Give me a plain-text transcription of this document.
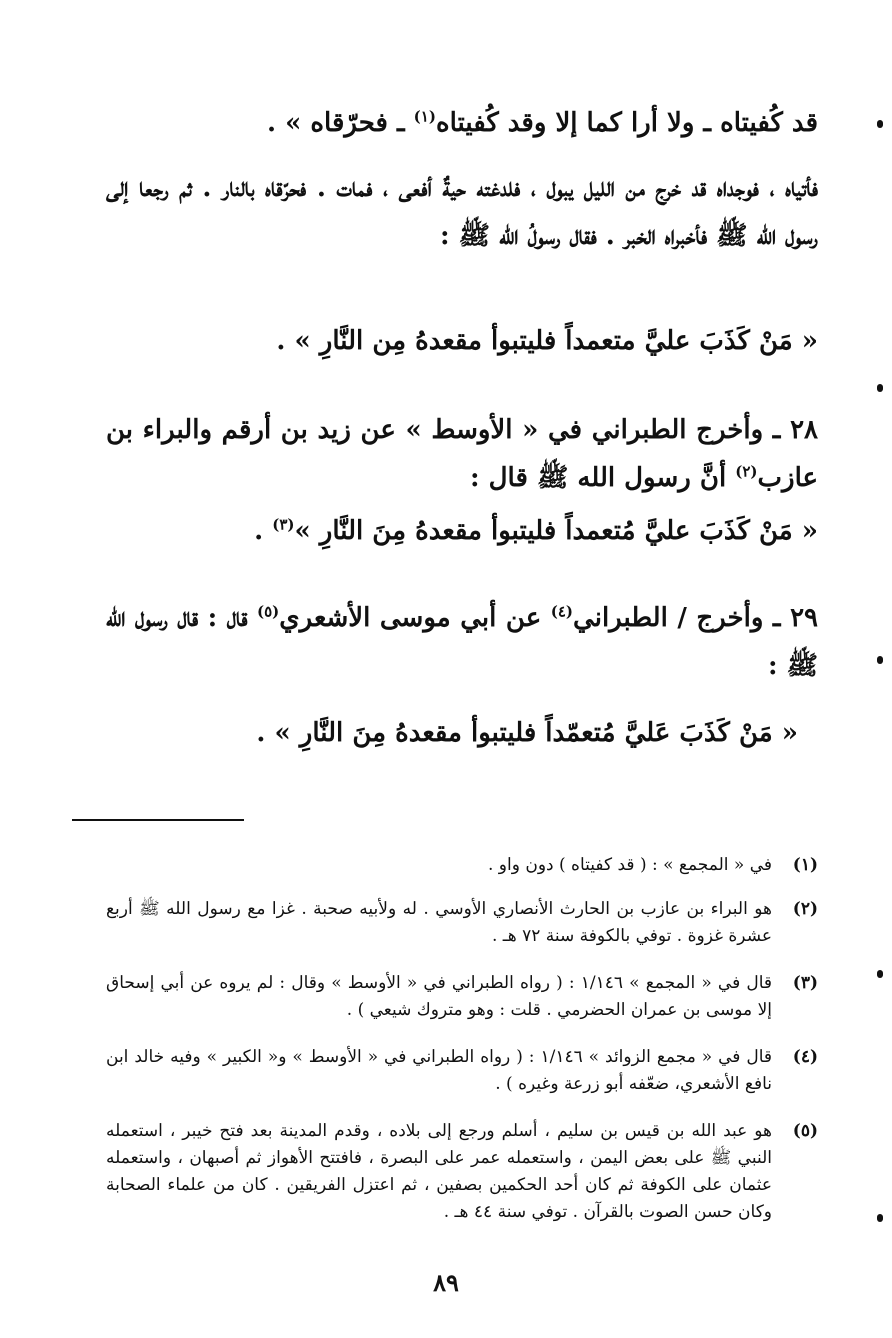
قد كُفيتاه ـ ولا أرا كما إلا وقد كُفيتاه$^{(١)}$ ـ فحرّقاه » .
فأتياه ، فوجداه قد خرج من الليل يبول ، فلدغته حيةٌ أفعى ، فمات . فحرّقاه بالنار . ثم رجعا إلى رسول الله ﷺ فأخبراه الخبر . فقال رسولُ الله ﷺ :
« مَنْ كَذَبَ عليَّ متعمداً فليتبوأ مقعدهُ مِن النَّارِ » .
٢٨ ـ وأخرج الطبراني في « الأوسط » عن زيد بن أرقم والبراء بن عازب$^{(٢)}$ أنَّ رسول الله ﷺ قال :
« مَنْ كَذَبَ عليَّ مُتعمداً فليتبوأ مقعدهُ مِنَ النَّارِ »$^{(٣)}$ .
٢٩ ـ وأخرج / الطبراني$^{(٤)}$ عن أبي موسى الأشعري$^{(٥)}$ قال : قال رسول الله ﷺ :
« مَنْ كَذَبَ عَليَّ مُتعمّداً فليتبوأ مقعدهُ مِنَ النَّارِ » .
(١)
في « المجمع » : ( قد كفيتاه ) دون واو .
(٢)
هو البراء بن عازب بن الحارث الأنصاري الأوسي . له ولأبيه صحبة . غزا مع رسول الله ﷺ أربع عشرة غزوة . توفي بالكوفة سنة ٧٢ هـ .
(٣)
قال في « المجمع » ١/١٤٦ : ( رواه الطبراني في « الأوسط » وقال : لم يروه عن أبي إسحاق إلا موسى بن عمران الحضرمي . قلت : وهو متروك شيعي ) .
(٤)
قال في « مجمع الزوائد » ١/١٤٦ : ( رواه الطبراني في « الأوسط » و« الكبير » وفيه خالد ابن نافع الأشعري، ضعّفه أبو زرعة وغيره ) .
(٥)
هو عبد الله بن قيس بن سليم ، أسلم ورجع إلى بلاده ، وقدم المدينة بعد فتح خيبر ، استعمله النبي ﷺ على بعض اليمن ، واستعمله عمر على البصرة ، فافتتح الأهواز ثم أصبهان ، واستعمله عثمان على الكوفة ثم كان أحد الحكمين بصفين ، ثم اعتزل الفريقين . كان من علماء الصحابة وكان حسن الصوت بالقرآن . توفي سنة ٤٤ هـ .
٨٩
